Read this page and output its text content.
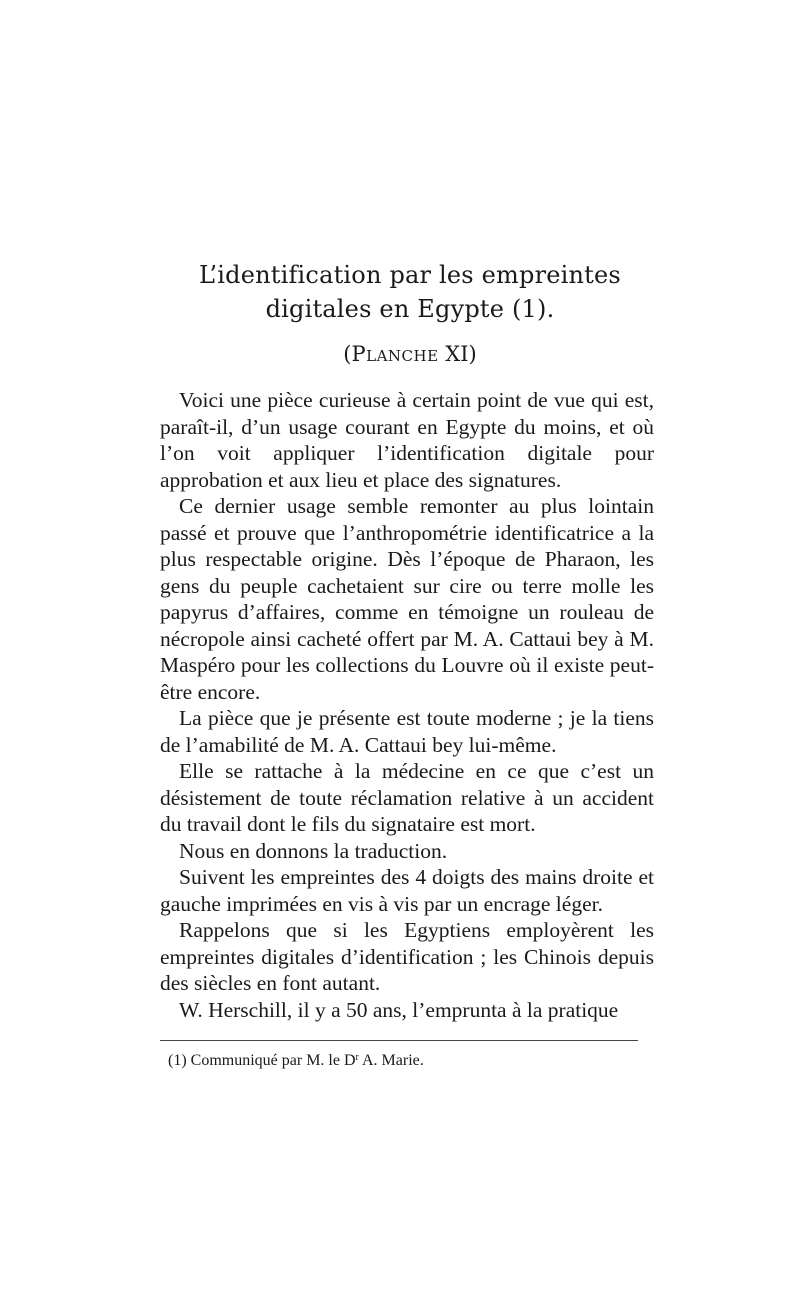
L’identification par les empreintes
digitales en Egypte (1).
(Planche XI)

Voici une pièce curieuse à certain point de vue qui est, paraît-il, d’un usage courant en Egypte du moins, et où l’on voit appliquer l’identification digitale pour approbation et aux lieu et place des signatures.

Ce dernier usage semble remonter au plus lointain passé et prouve que l’anthropométrie identificatrice a la plus respectable origine. Dès l’époque de Pharaon, les gens du peuple cachetaient sur cire ou terre molle les papyrus d’affaires, comme en témoigne un rouleau de nécropole ainsi cacheté offert par M. A. Cattaui bey à M. Maspéro pour les collections du Louvre où il existe peut-être encore.

La pièce que je présente est toute moderne ; je la tiens de l’amabilité de M. A. Cattaui bey lui-même.

Elle se rattache à la médecine en ce que c’est un désistement de toute réclamation relative à un accident du travail dont le fils du signataire est mort.

Nous en donnons la traduction.

Suivent les empreintes des 4 doigts des mains droite et gauche imprimées en vis à vis par un encrage léger.

Rappelons que si les Egyptiens employèrent les empreintes digitales d’identification ; les Chinois depuis des siècles en font autant.

W. Herschill, il y a 50 ans, l’emprunta à la pratique

(1) Communiqué par M. le $D^r$ A. Marie.
